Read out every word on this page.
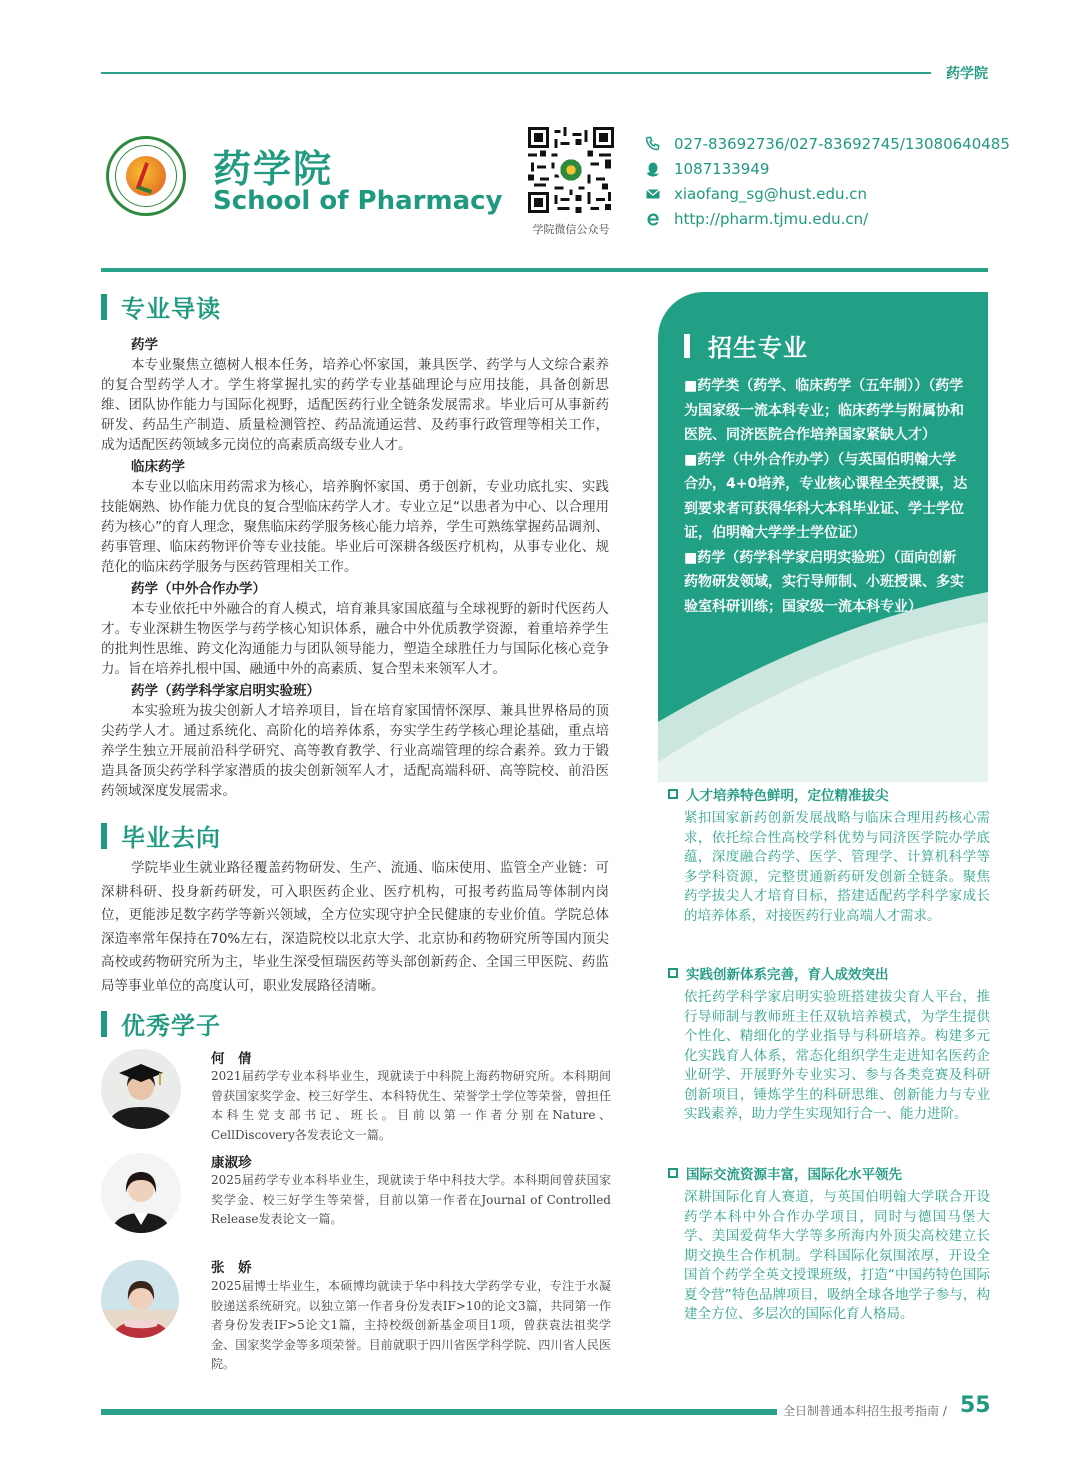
药学院
药学院
School of Pharmacy
学院微信公众号
027-83692736/027-83692745/13080640485
1087133949
xiaofang_sg@hust.edu.cn
http://pharm.tjmu.edu.cn/
专业导读
药学
本专业聚焦立德树人根本任务，培养心怀家国，兼具医学、药学与人文综合素养的复合型药学人才。学生将掌握扎实的药学专业基础理论与应用技能，具备创新思维、团队协作能力与国际化视野，适配医药行业全链条发展需求。毕业后可从事新药研发、药品生产制造、质量检测管控、药品流通运营、及药事行政管理等相关工作，成为适配医药领域多元岗位的高素质高级专业人才。
临床药学
本专业以临床用药需求为核心，培养胸怀家国、勇于创新，专业功底扎实、实践技能娴熟、协作能力优良的复合型临床药学人才。专业立足“以患者为中心、以合理用药为核心”的育人理念，聚焦临床药学服务核心能力培养，学生可熟练掌握药品调剂、药事管理、临床药物评价等专业技能。毕业后可深耕各级医疗机构，从事专业化、规范化的临床药学服务与医药管理相关工作。
药学（中外合作办学）
本专业依托中外融合的育人模式，培育兼具家国底蕴与全球视野的新时代医药人才。专业深耕生物医学与药学核心知识体系，融合中外优质教学资源，着重培养学生的批判性思维、跨文化沟通能力与团队领导能力，塑造全球胜任力与国际化核心竞争力。旨在培养扎根中国、融通中外的高素质、复合型未来领军人才。
药学（药学科学家启明实验班）
本实验班为拔尖创新人才培养项目，旨在培育家国情怀深厚、兼具世界格局的顶尖药学人才。通过系统化、高阶化的培养体系，夯实学生药学核心理论基础，重点培养学生独立开展前沿科学研究、高等教育教学、行业高端管理的综合素养。致力于锻造具备顶尖药学科学家潜质的拔尖创新领军人才，适配高端科研、高等院校、前沿医药领域深度发展需求。
毕业去向
学院毕业生就业路径覆盖药物研发、生产、流通、临床使用、监管全产业链：可深耕科研、投身新药研发，可入职医药企业、医疗机构，可报考药监局等体制内岗位，更能涉足数字药学等新兴领域，全方位实现守护全民健康的专业价值。学院总体深造率常年保持在70%左右，深造院校以北京大学、北京协和药物研究所等国内顶尖高校或药物研究所为主，毕业生深受恒瑞医药等头部创新药企、全国三甲医院、药监局等事业单位的高度认可，职业发展路径清晰。
优秀学子
何　倩
2021届药学专业本科毕业生，现就读于中科院上海药物研究所。本科期间曾获国家奖学金、校三好学生、本科特优生、荣誉学士学位等荣誉，曾担任本科生党支部书记、班长。目前以第一作者分别在Nature、CellDiscovery各发表论文一篇。
康淑珍
2025届药学专业本科毕业生，现就读于华中科技大学。本科期间曾获国家奖学金、校三好学生等荣誉，目前以第一作者在Journal of Controlled Release发表论文一篇。
张　娇
2025届博士毕业生，本硕博均就读于华中科技大学药学专业，专注于水凝胶递送系统研究。以独立第一作者身份发表IF>10的论文3篇，共同第一作者身份发表IF>5论文1篇，主持校级创新基金项目1项，曾获袁法祖奖学金、国家奖学金等多项荣誉。目前就职于四川省医学科学院、四川省人民医院。
招生专业
■药学类（药学、临床药学（五年制））（药学为国家级一流本科专业；临床药学与附属协和医院、同济医院合作培养国家紧缺人才）
■药学（中外合作办学）（与英国伯明翰大学合办，4+0培养，专业核心课程全英授课，达到要求者可获得华科大本科毕业证、学士学位证，伯明翰大学学士学位证）
■药学（药学科学家启明实验班）（面向创新药物研发领域，实行导师制、小班授课、多实验室科研训练；国家级一流本科专业）
人才培养特色鲜明，定位精准拔尖
紧扣国家新药创新发展战略与临床合理用药核心需求，依托综合性高校学科优势与同济医学院办学底蕴，深度融合药学、医学、管理学、计算机科学等多学科资源，完整贯通新药研发创新全链条。聚焦药学拔尖人才培育目标，搭建适配药学科学家成长的培养体系，对接医药行业高端人才需求。
实践创新体系完善，育人成效突出
依托药学科学家启明实验班搭建拔尖育人平台，推行导师制与教师班主任双轨培养模式，为学生提供个性化、精细化的学业指导与科研培养。构建多元化实践育人体系，常态化组织学生走进知名医药企业研学、开展野外专业实习、参与各类竞赛及科研创新项目，锤炼学生的科研思维、创新能力与专业实践素养，助力学生实现知行合一、能力进阶。
国际交流资源丰富，国际化水平领先
深耕国际化育人赛道，与英国伯明翰大学联合开设药学本科中外合作办学项目，同时与德国马堡大学、美国爱荷华大学等多所海内外顶尖高校建立长期交换生合作机制。学科国际化氛围浓厚，开设全国首个药学全英文授课班级，打造“中国药特色国际夏令营”特色品牌项目，吸纳全球各地学子参与，构建全方位、多层次的国际化育人格局。
全日制普通本科招生报考指南 / 55
